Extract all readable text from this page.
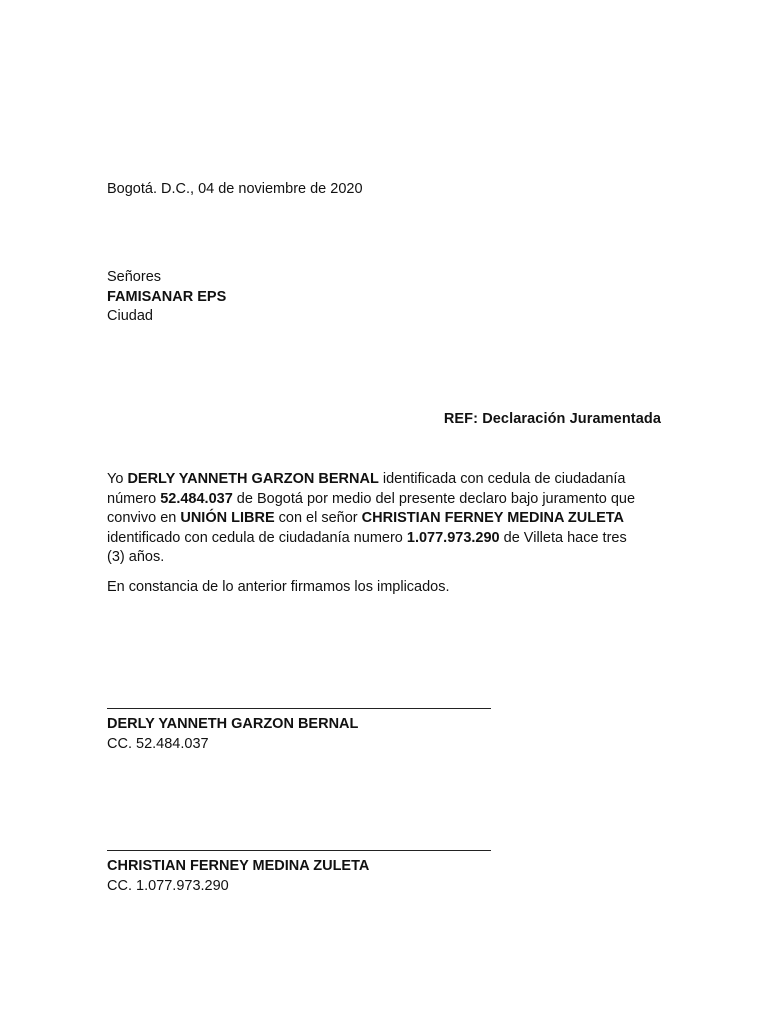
Bogotá. D.C., 04 de noviembre de 2020
Señores
FAMISANAR EPS
Ciudad
REF: Declaración Juramentada

Yo DERLY YANNETH GARZON BERNAL identificada con cedula de ciudadanía
número 52.484.037 de Bogotá por medio del presente declaro bajo juramento que
convivo en UNIÓN LIBRE con el señor CHRISTIAN FERNEY MEDINA ZULETA
identificado con cedula de ciudadanía numero 1.077.973.290 de Villeta hace tres
(3) años.

En constancia de lo anterior firmamos los implicados.

DERLY YANNETH GARZON BERNAL
CC. 52.484.037
CHRISTIAN FERNEY MEDINA ZULETA
CC. 1.077.973.290
